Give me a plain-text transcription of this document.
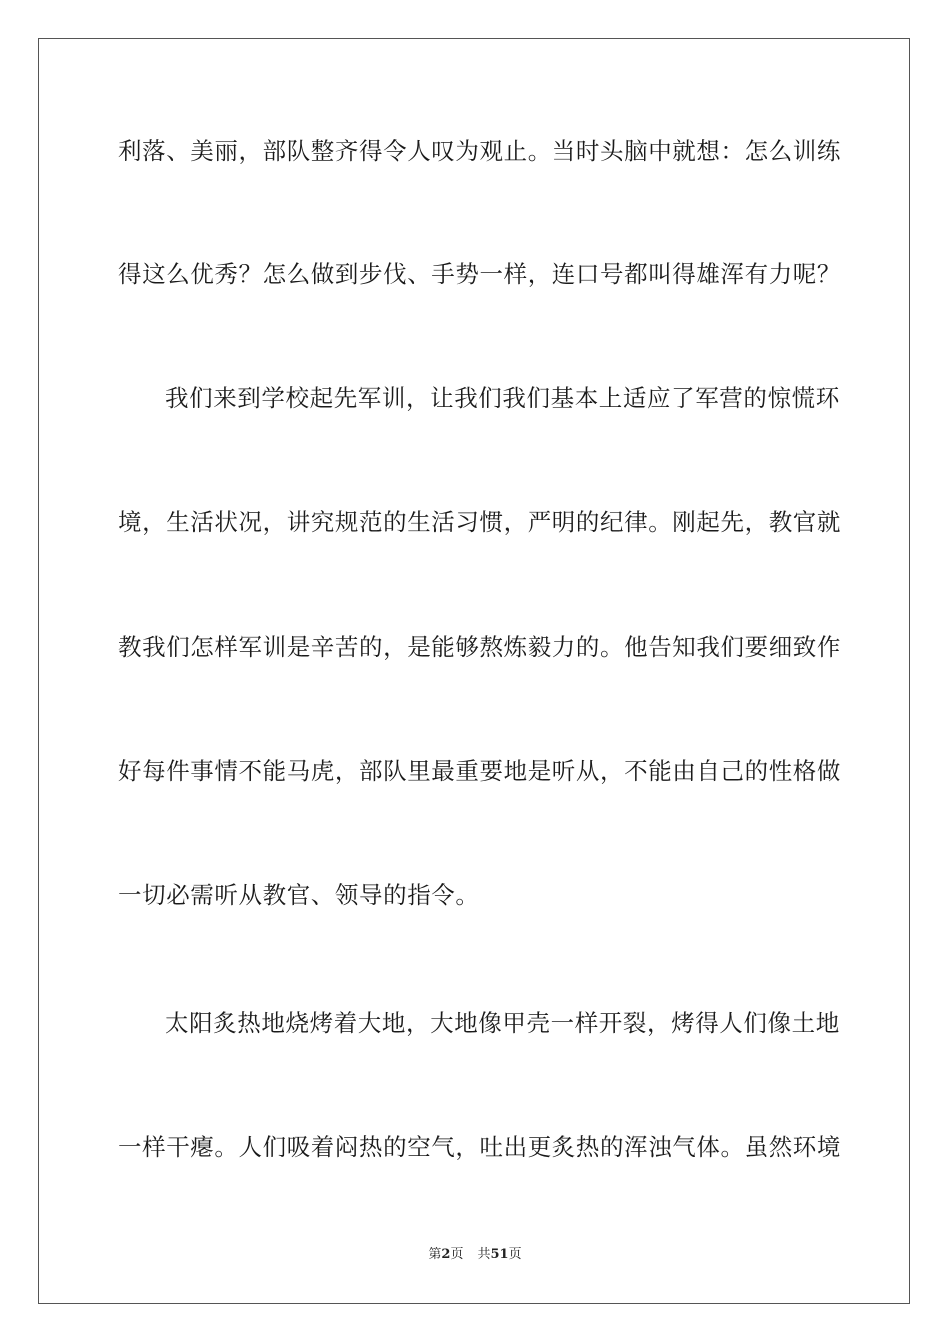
利落、美丽，部队整齐得令人叹为观止。当时头脑中就想：怎么训练
得这么优秀？怎么做到步伐、手势一样，连口号都叫得雄浑有力呢？
我们来到学校起先军训，让我们我们基本上适应了军营的惊慌环
境，生活状况，讲究规范的生活习惯，严明的纪律。刚起先，教官就
教我们怎样军训是辛苦的，是能够熬炼毅力的。他告知我们要细致作
好每件事情不能马虎，部队里最重要地是听从，不能由自己的性格做
一切必需听从教官、领导的指令。
太阳炙热地烧烤着大地，大地像甲壳一样开裂，烤得人们像土地
一样干瘪。人们吸着闷热的空气，吐出更炙热的浑浊气体。虽然环境
第2页 共51页
